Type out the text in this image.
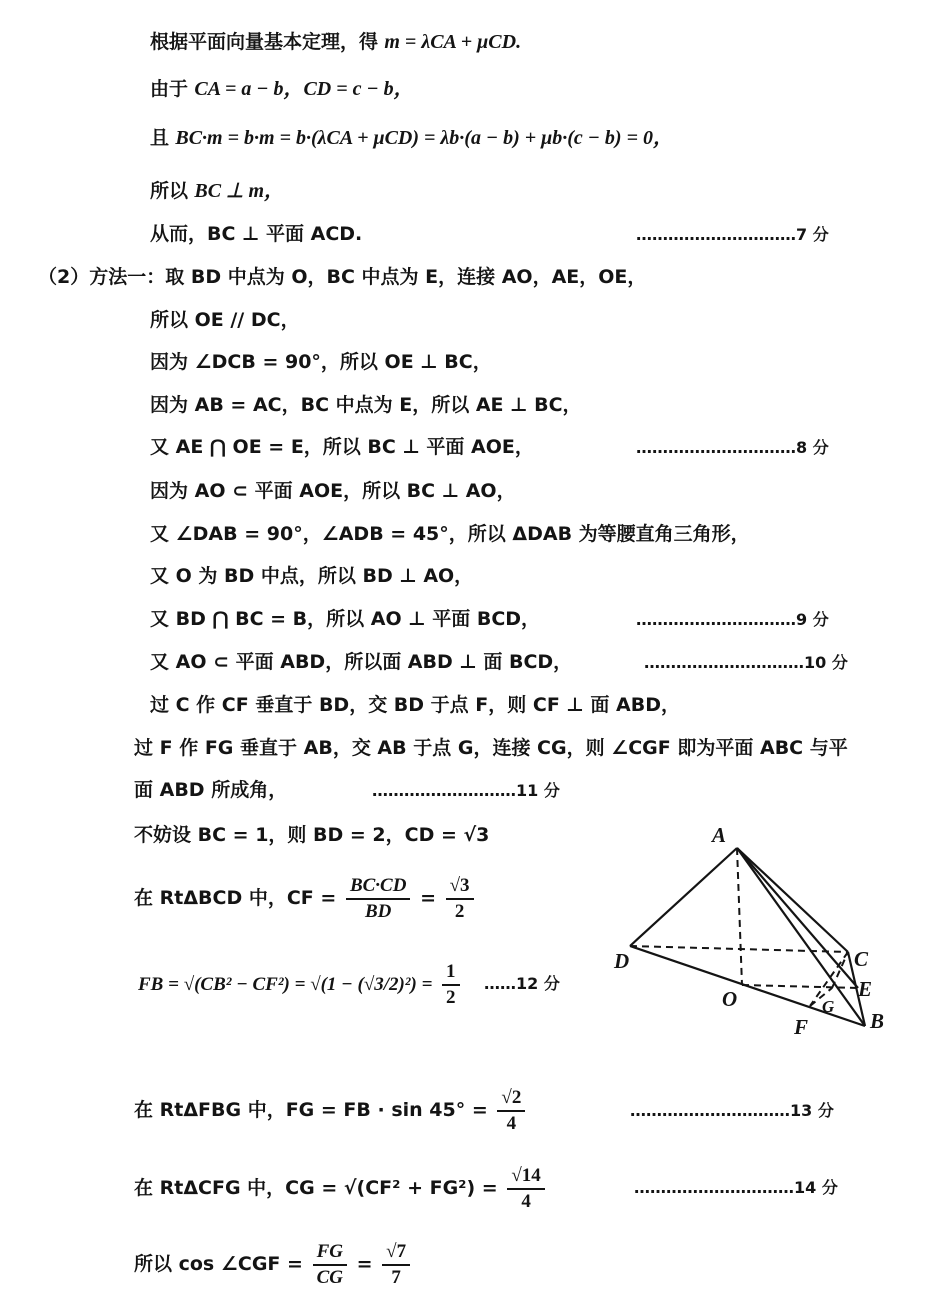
根据平面向量基本定理，得 m = λCA + μCD.
由于 CA = a − b，CD = c − b，
且 BC·m = b·m = b·(λCA + μCD) = λb·(a − b) + μb·(c − b) = 0，
所以 BC ⊥ m，
从而，BC ⊥ 平面 ACD.	…………………………7 分
（2）方法一：取 BD 中点为 O，BC 中点为 E，连接 AO，AE，OE，
所以 OE // DC，
因为 ∠DCB = 90°，所以 OE ⊥ BC，
因为 AB = AC，BC 中点为 E，所以 AE ⊥ BC，
又 AE ⋂ OE = E，所以 BC ⊥ 平面 AOE，	…………………………8 分
因为 AO ⊂ 平面 AOE，所以 BC ⊥ AO，
又 ∠DAB = 90°，∠ADB = 45°，所以 ΔDAB 为等腰直角三角形，
又 O 为 BD 中点，所以 BD ⊥ AO，
又 BD ⋂ BC = B，所以 AO ⊥ 平面 BCD，	…………………………9 分
又 AO ⊂ 平面 ABD，所以面 ABD ⊥ 面 BCD，	…………………………10 分
过 C 作 CF 垂直于 BD，交 BD 于点 F，则 CF ⊥ 面 ABD，
过 F 作 FG 垂直于 AB，交 AB 于点 G，连接 CG，则 ∠CGF 即为平面 ABC 与平
面 ABD 所成角，	………………………11 分
不妨设 BC = 1，则 BD = 2，CD = √3
在 RtΔBCD 中，CF = $\frac{BC\cdot CD}{BD} = \frac{√3}{2}$
FB = $√(CB^2 - CF^2) = √(1 - (√3/2)^2) = \frac{1}{2}$ ……12 分
在 RtΔFBG 中，FG = FB · $\sin 45^\circ = \frac{√2}{4}$	…………………………13 分
在 RtΔCFG 中，CG = $√(CF^2 + FG^2) = \frac{√14}{4}$	…………………………14 分
所以 cos ∠CGF = $\frac{FG}{CG} = \frac{√7}{7}$
A
B
C
D
E
F
G
O
